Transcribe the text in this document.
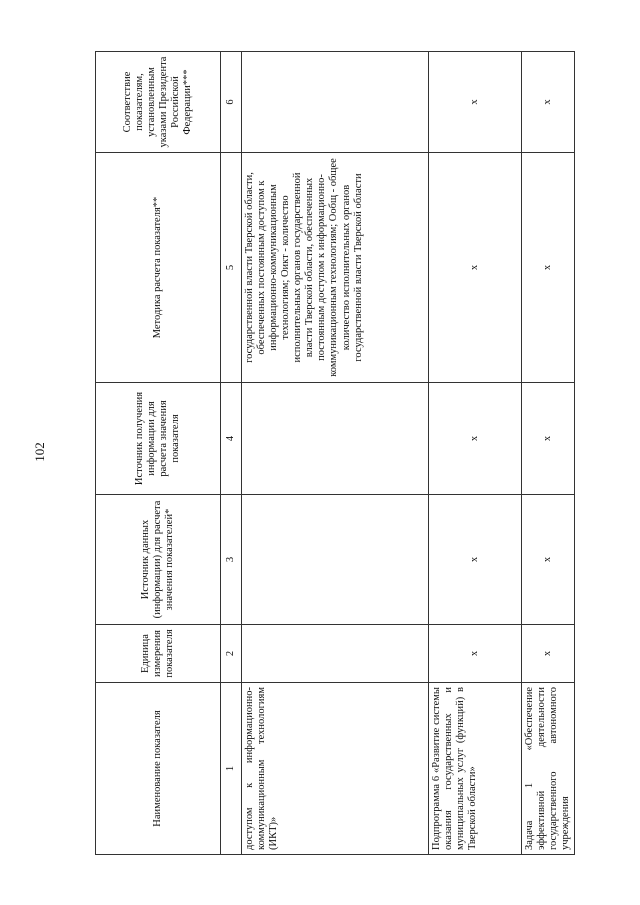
102
Наименование показателя	Единица измерения показателя	Источник данных (информации) для расчета значения показателей*	Источник получения информации для расчета значения показателя	Методика расчета показателя**	Соответствие показателям, установленным указами Президента Российской Федерации***
1	2	3	4	5	6
доступом к информационно-коммуникационным технологиям (ИКТ)»				государственной власти Тверской области, обеспеченных постоянным доступом к информационно-коммуникационным технологиям; Оикт - количество исполнительных органов государственной власти Тверской области, обеспеченных постоянным доступом к информационно-коммуникационным технологиям; Ообщ - общее количество исполнительных органов государственной власти Тверской области	
Подпрограмма 6 «Развитие системы оказания государственных и муниципальных услуг (функций) в Тверской области»	х	х	х	х	х
Задача 1 «Обеспечение эффективной деятельности государственного автономного учреждения	х	х	х	х	х
